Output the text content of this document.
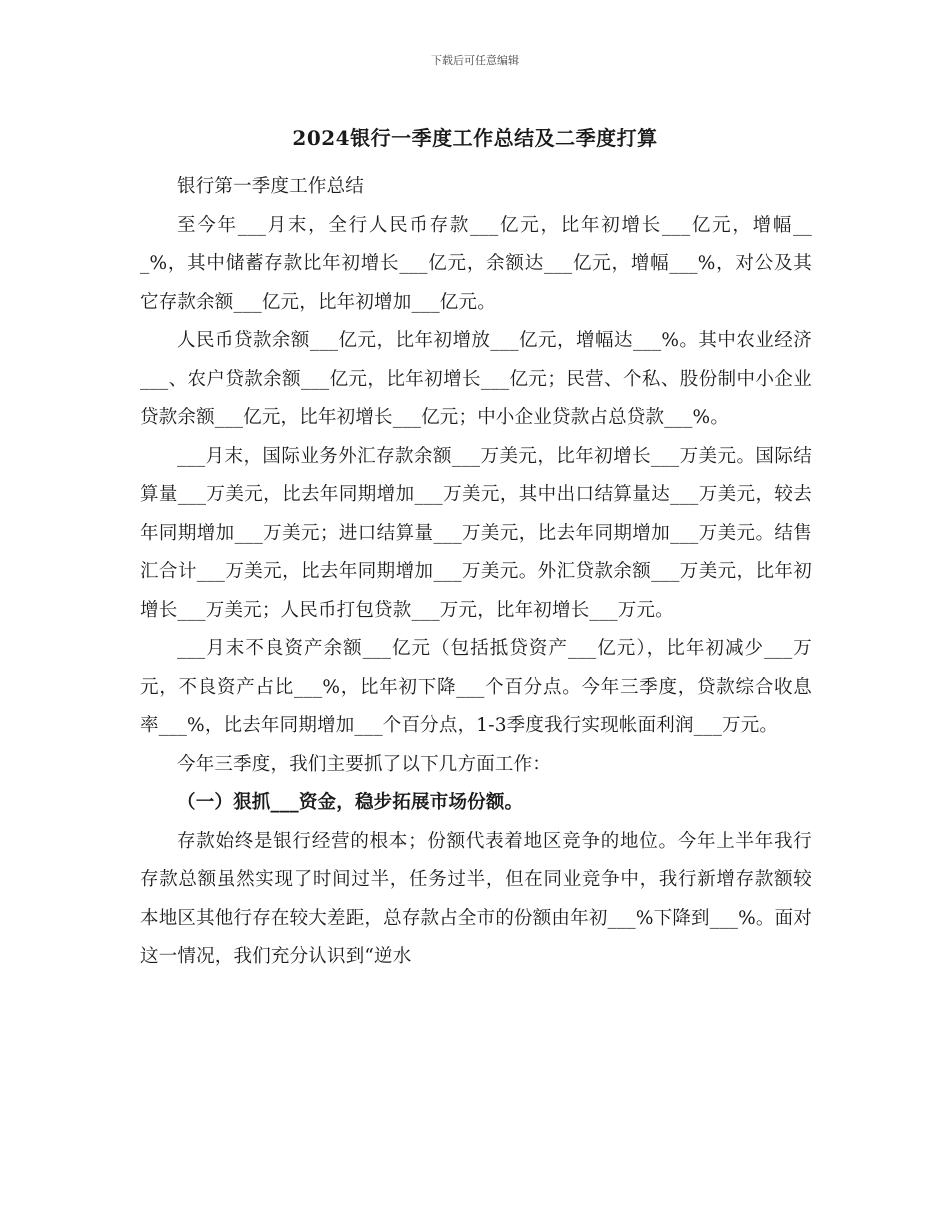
下载后可任意编辑
2024银行一季度工作总结及二季度打算

银行第一季度工作总结

至今年___月末，全行人民币存款___亿元，比年初增长___亿元，增幅___%，其中储蓄存款比年初增长___亿元，余额达___亿元，增幅___%，对公及其它存款余额___亿元，比年初增加___亿元。

人民币贷款余额___亿元，比年初增放___亿元，增幅达___%。其中农业经济___、农户贷款余额___亿元，比年初增长___亿元；民营、个私、股份制中小企业贷款余额___亿元，比年初增长___亿元；中小企业贷款占总贷款___%。

___月末，国际业务外汇存款余额___万美元，比年初增长___万美元。国际结算量___万美元，比去年同期增加___万美元，其中出口结算量达___万美元，较去年同期增加___万美元；进口结算量___万美元，比去年同期增加___万美元。结售汇合计___万美元，比去年同期增加___万美元。外汇贷款余额___万美元，比年初增长___万美元；人民币打包贷款___万元，比年初增长___万元。

___月末不良资产余额___亿元（包括抵贷资产___亿元），比年初减少___万元，不良资产占比___%，比年初下降___个百分点。今年三季度，贷款综合收息率___%，比去年同期增加___个百分点，1-3季度我行实现帐面利润___万元。

今年三季度，我们主要抓了以下几方面工作：

（一）狠抓___资金，稳步拓展市场份额。

存款始终是银行经营的根本；份额代表着地区竞争的地位。今年上半年我行存款总额虽然实现了时间过半，任务过半，但在同业竞争中，我行新增存款额较本地区其他行存在较大差距，总存款占全市的份额由年初___%下降到___%。面对这一情况，我们充分认识到“逆水
